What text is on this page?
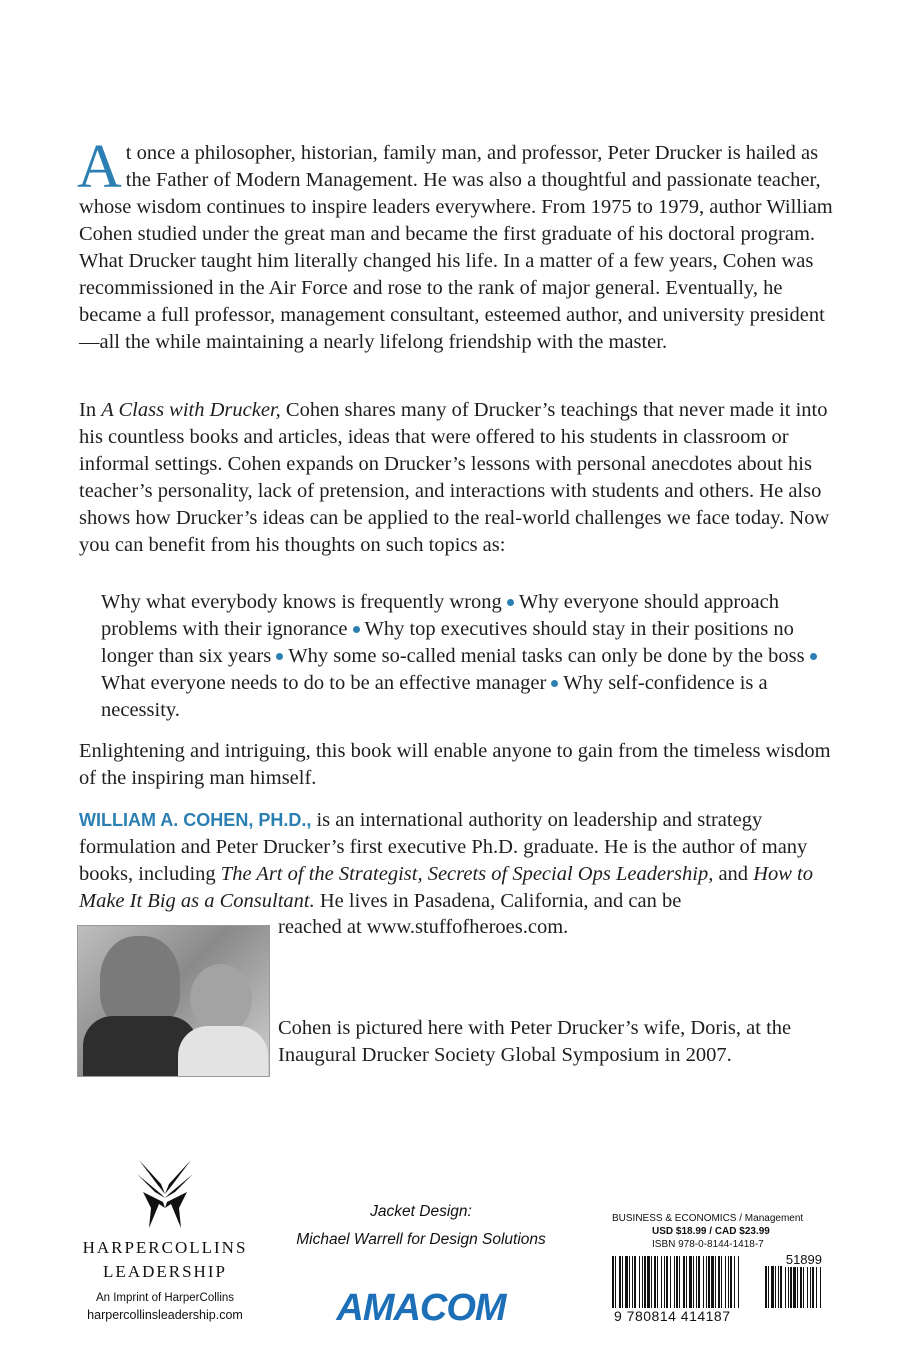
At once a philosopher, historian, family man, and professor, Peter Drucker is hailed as the Father of Modern Management. He was also a thoughtful and passionate teacher, whose wisdom continues to inspire leaders everywhere. From 1975 to 1979, author William Cohen studied under the great man and became the first graduate of his doctoral program. What Drucker taught him literally changed his life. In a matter of a few years, Cohen was recommissioned in the Air Force and rose to the rank of major general. Eventually, he became a full professor, management consultant, esteemed author, and university president—all the while maintaining a nearly lifelong friendship with the master.

In A Class with Drucker, Cohen shares many of Drucker’s teachings that never made it into his countless books and articles, ideas that were offered to his students in classroom or informal settings. Cohen expands on Drucker’s lessons with personal anecdotes about his teacher’s personality, lack of pretension, and interactions with students and others. He also shows how Drucker’s ideas can be applied to the real-world challenges we face today. Now you can benefit from his thoughts on such topics as:

Why what everybody knows is frequently wrong Why everyone should approach problems with their ignorance Why top executives should stay in their positions no longer than six years Why some so-called menial tasks can only be done by the bossWhat everyone needs to do to be an effective manager Why self-confidence is a necessity.

Enlightening and intriguing, this book will enable anyone to gain from the timeless wisdom of the inspiring man himself.

WILLIAM A. COHEN, PH.D., is an international authority on leadership and strategy formulation and Peter Drucker’s first executive Ph.D. graduate. He is the author of many books, including The Art of the Strategist, Secrets of Special Ops Leadership, and How to Make It Big as a Consultant. He lives in Pasadena, California, and can be

reached at www.stuffofheroes.com.

Cohen is pictured here with Peter Drucker’s wife, Doris, at the Inaugural Drucker Society Global Symposium in 2007.

HARPERCOLLINS
LEADERSHIP
An Imprint of HarperCollins
harpercollinsleadership.com
Jacket Design:
Michael Warrell for Design Solutions
AMACOM
BUSINESS & ECONOMICS / Management
USD $18.99 / CAD $23.99
ISBN 978-0-8144-1418-7
51899
9 780814 414187
